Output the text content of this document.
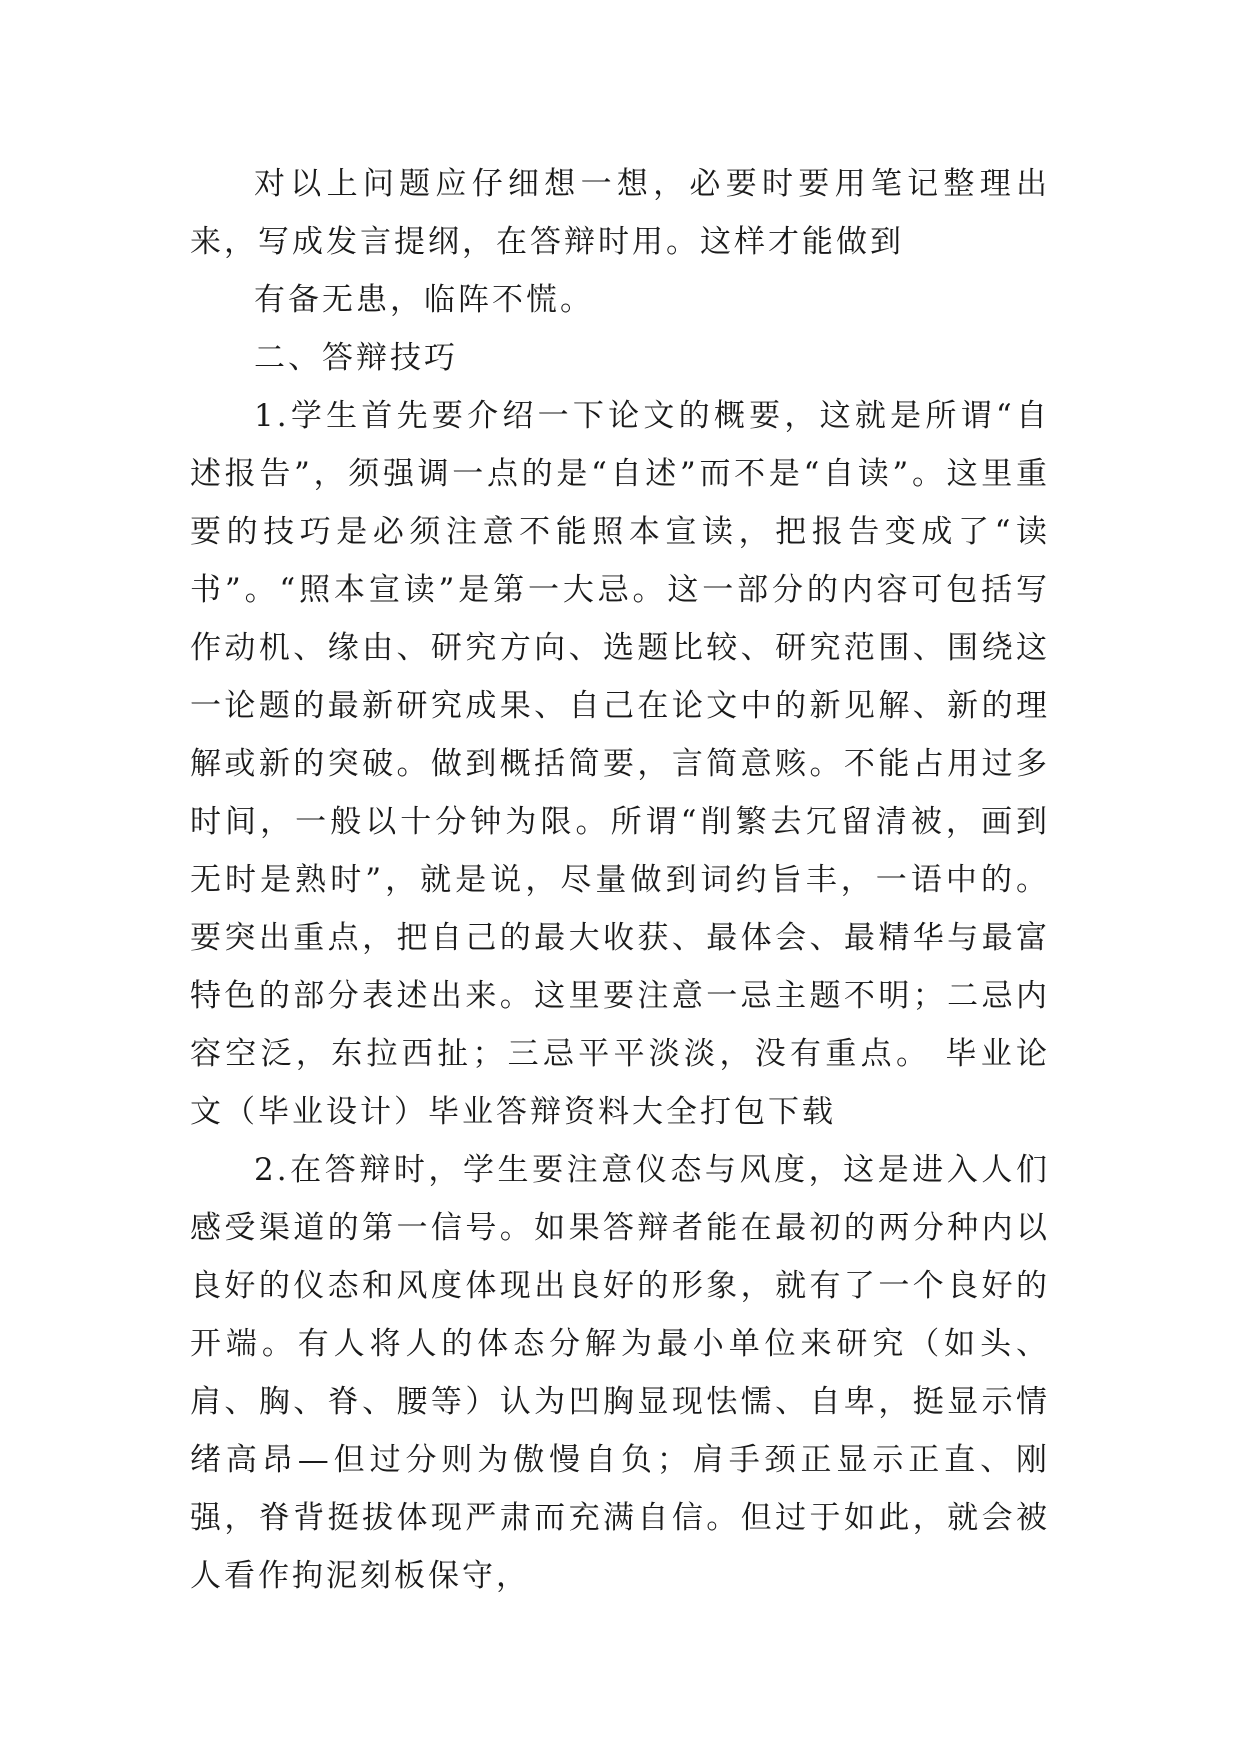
对以上问题应仔细想一想，必要时要用笔记整理出来，写成发言提纲，在答辩时用。这样才能做到

有备无患，临阵不慌。

二、答辩技巧

1.学生首先要介绍一下论文的概要，这就是所谓“自述报告”，须强调一点的是“自述”而不是“自读”。这里重要的技巧是必须注意不能照本宣读，把报告变成了“读书”。“照本宣读”是第一大忌。这一部分的内容可包括写作动机、缘由、研究方向、选题比较、研究范围、围绕这一论题的最新研究成果、自己在论文中的新见解、新的理解或新的突破。做到概括简要，言简意赅。不能占用过多时间，一般以十分钟为限。所谓“削繁去冗留清被，画到无时是熟时”，就是说，尽量做到词约旨丰，一语中的。要突出重点，把自己的最大收获、最体会、最精华与最富特色的部分表述出来。这里要注意一忌主题不明；二忌内容空泛，东拉西扯；三忌平平淡淡，没有重点。 毕业论文（毕业设计）毕业答辩资料大全打包下载

2.在答辩时，学生要注意仪态与风度，这是进入人们感受渠道的第一信号。如果答辩者能在最初的两分种内以良好的仪态和风度体现出良好的形象，就有了一个良好的开端。有人将人的体态分解为最小单位来研究（如头、肩、胸、脊、腰等）认为凹胸显现怯懦、自卑，挺显示情绪高昂—但过分则为傲慢自负；肩手颈正显示正直、刚强，脊背挺拔体现严肃而充满自信。但过于如此，就会被人看作拘泥刻板保守，
